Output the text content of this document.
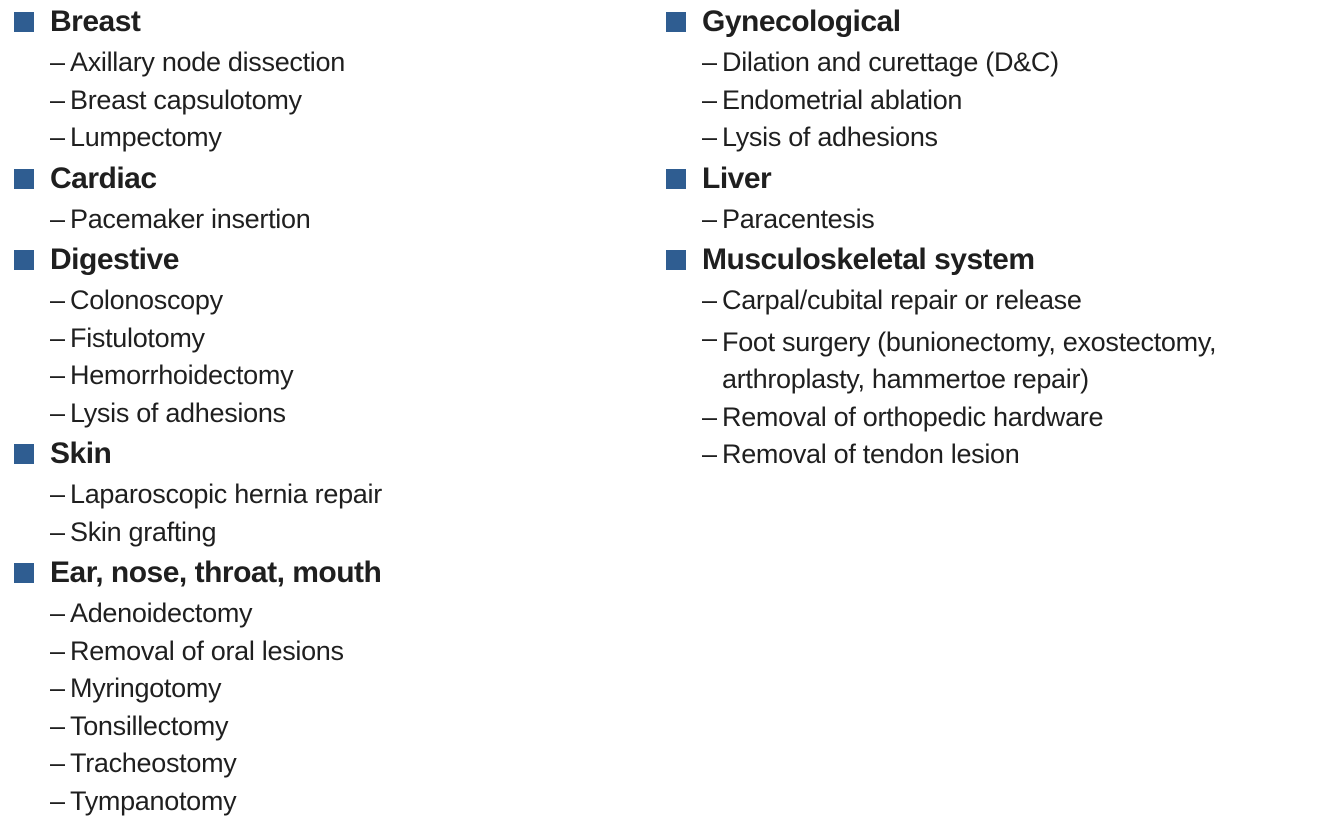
Breast
– Axillary node dissection
– Breast capsulotomy
– Lumpectomy
Cardiac
– Pacemaker insertion
Digestive
– Colonoscopy
– Fistulotomy
– Hemorrhoidectomy
– Lysis of adhesions
Skin
– Laparoscopic hernia repair
– Skin grafting
Ear, nose, throat, mouth
– Adenoidectomy
– Removal of oral lesions
– Myringotomy
– Tonsillectomy
– Tracheostomy
– Tympanotomy
Gynecological
– Dilation and curettage (D&C)
– Endometrial ablation
– Lysis of adhesions
Liver
– Paracentesis
Musculoskeletal system
– Carpal/cubital repair or release
– Foot surgery (bunionectomy, exostectomy, arthroplasty, hammertoe repair)
– Removal of orthopedic hardware
– Removal of tendon lesion
